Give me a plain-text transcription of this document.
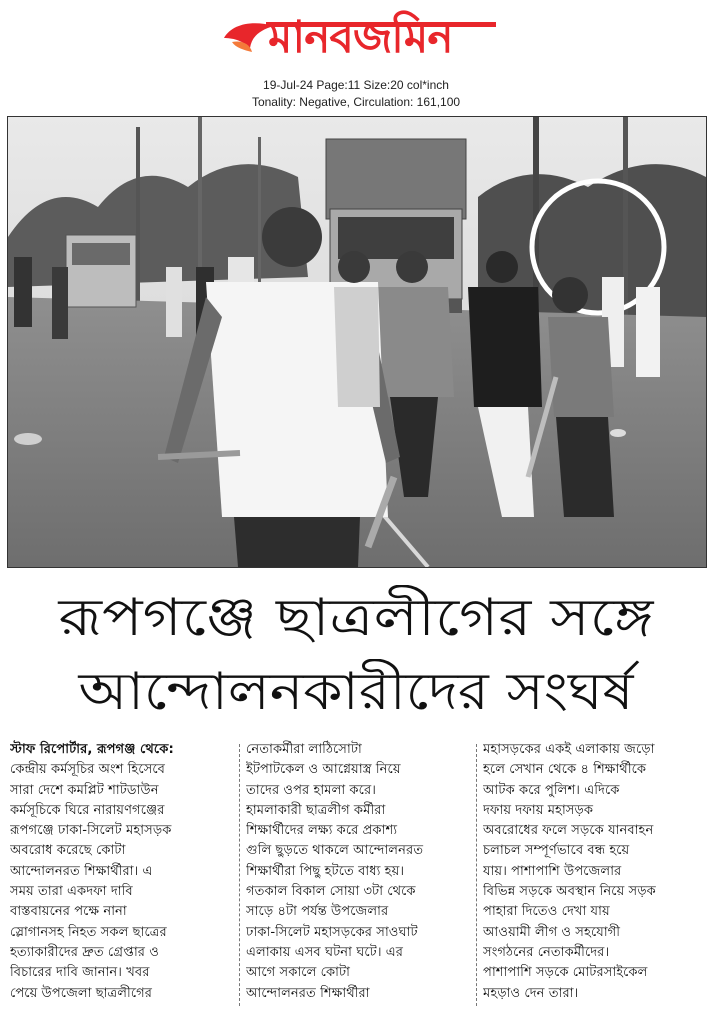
মানবজমিন
19-Jul-24 Page:11 Size:20 col*inch
Tonality: Negative, Circulation: 161,100
রূপগঞ্জে ছাত্রলীগের সঙ্গে
আন্দোলনকারীদের সংঘর্ষ
স্টাফ রিপোর্টার, রূপগঞ্জ থেকে:
কেন্দ্রীয় কর্মসূচির অংশ হিসেবে
সারা দেশে কমপ্লিট শাটডাউন
কর্মসূচিকে ঘিরে নারায়ণগঞ্জের
রূপগঞ্জে ঢাকা-সিলেট মহাসড়ক
অবরোধ করেছে কোটা
আন্দোলনরত শিক্ষার্থীরা। এ
সময় তারা একদফা দাবি
বাস্তবায়নের পক্ষে নানা
স্লোগানসহ নিহত সকল ছাত্রের
হত্যাকারীদের দ্রুত গ্রেপ্তার ও
বিচারের দাবি জানান। খবর
পেয়ে উপজেলা ছাত্রলীগের
নেতাকর্মীরা লাঠিসোটা
ইটপাটকেল ও আগ্নেয়াস্ত্র নিয়ে
তাদের ওপর হামলা করে।
হামলাকারী ছাত্রলীগ কর্মীরা
শিক্ষার্থীদের লক্ষ্য করে প্রকাশ্য
গুলি ছুড়তে থাকলে আন্দোলনরত
শিক্ষার্থীরা পিছু হটতে বাধ্য হয়।
গতকাল বিকাল সোয়া ৩টা থেকে
সাড়ে ৪টা পর্যন্ত উপজেলার
ঢাকা-সিলেট মহাসড়কের সাওঘাট
এলাকায় এসব ঘটনা ঘটে। এর
আগে সকালে কোটা
আন্দোলনরত শিক্ষার্থীরা
মহাসড়কের একই এলাকায় জড়ো
হলে সেখান থেকে ৪ শিক্ষার্থীকে
আটক করে পুলিশ। এদিকে
দফায় দফায় মহাসড়ক
অবরোধের ফলে সড়কে যানবাহন
চলাচল সম্পূর্ণভাবে বন্ধ হয়ে
যায়। পাশাপাশি উপজেলার
বিভিন্ন সড়কে অবস্থান নিয়ে সড়ক
পাহারা দিতেও দেখা যায়
আওয়ামী লীগ ও সহযোগী
সংগঠনের নেতাকর্মীদের।
পাশাপাশি সড়কে মোটরসাইকেল
মহড়াও দেন তারা।
